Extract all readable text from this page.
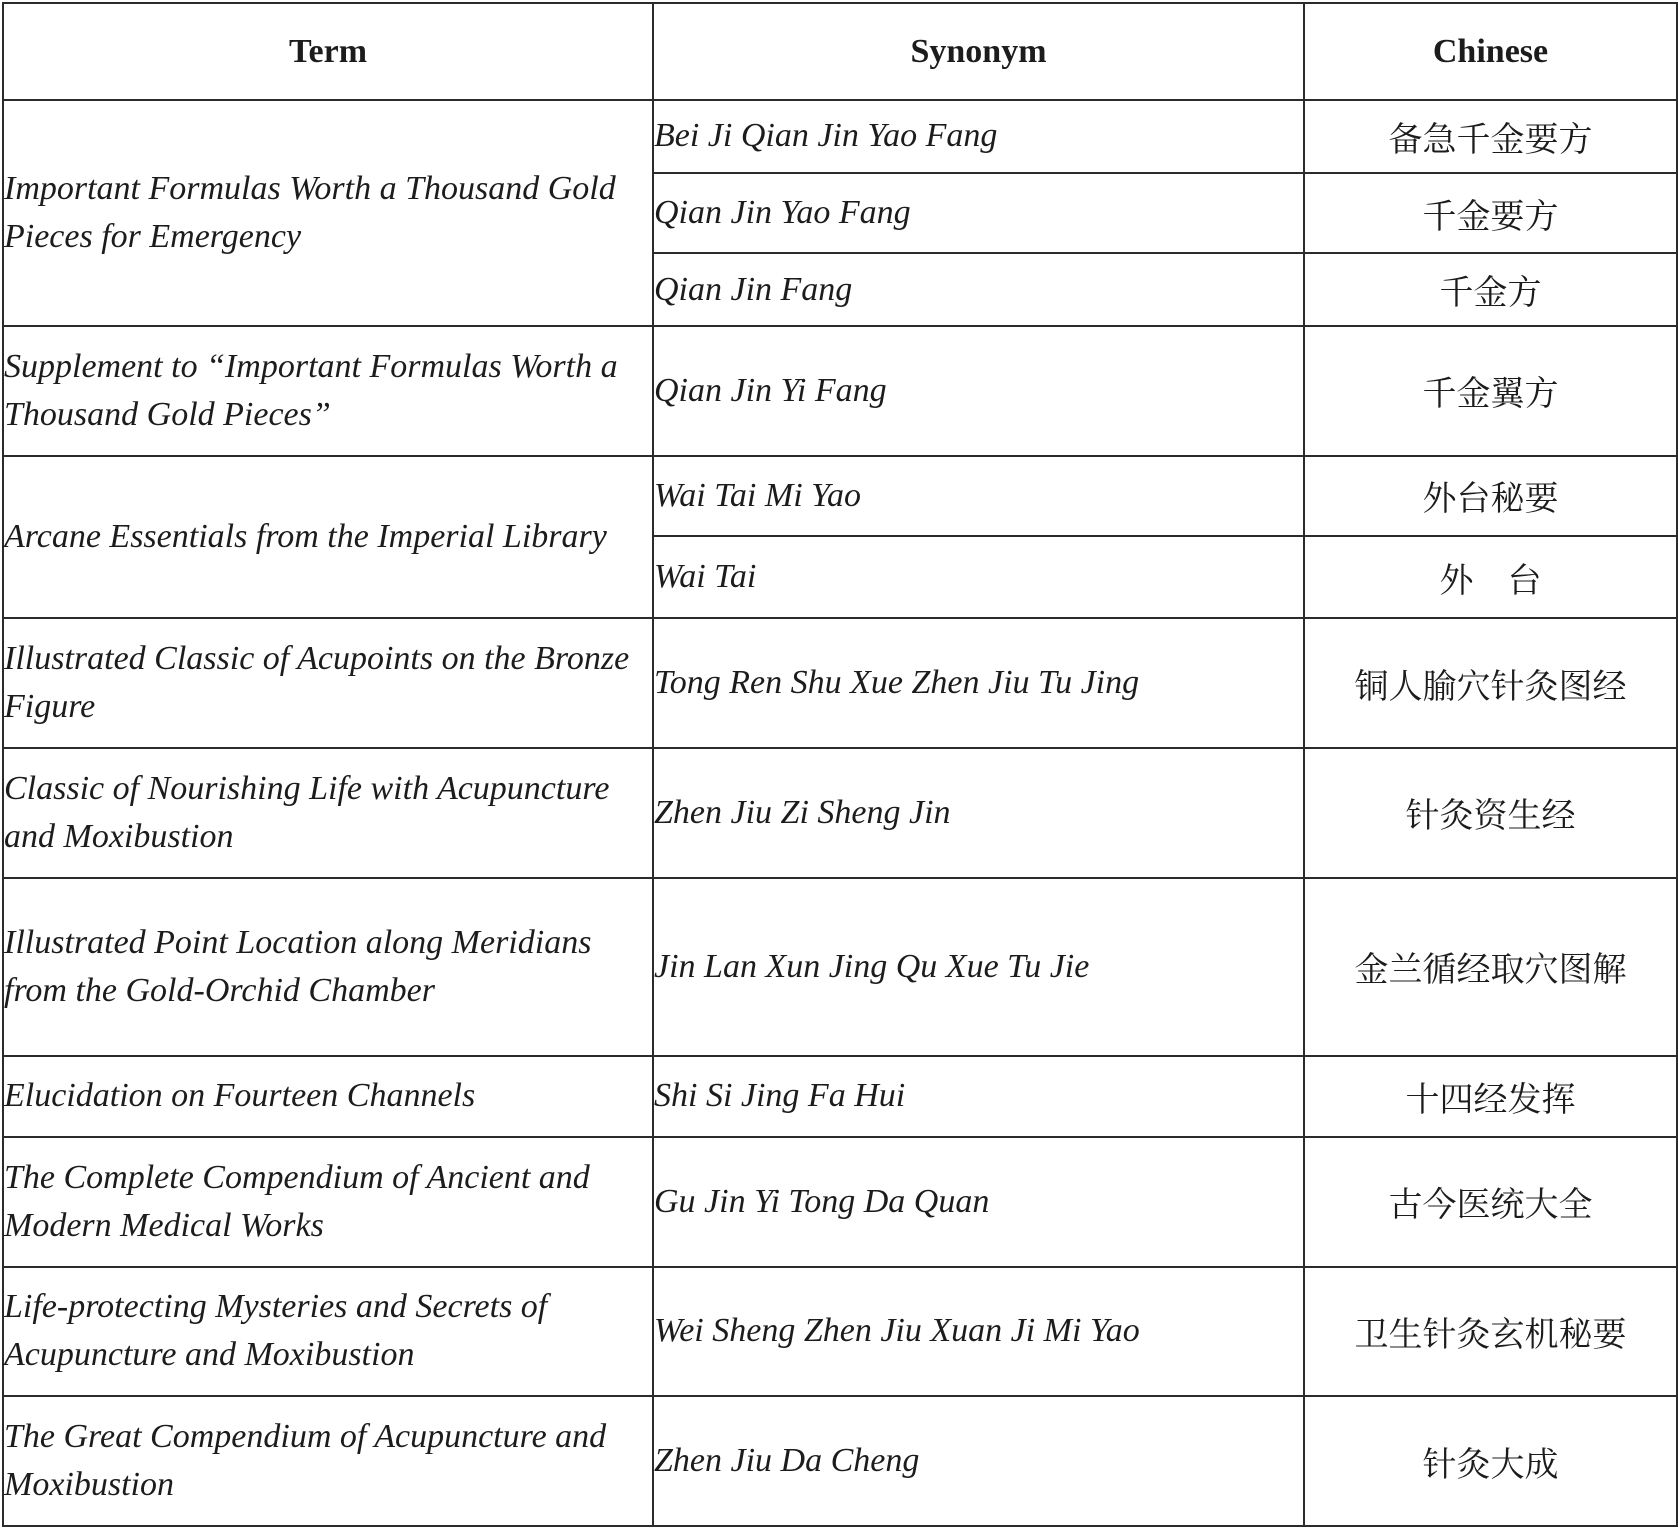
Term	Synonym	Chinese
Important Formulas Worth a Thousand Gold Pieces for Emergency	Bei Ji Qian Jin Yao Fang	备急千金要方
	Qian Jin Yao Fang	千金要方
	Qian Jin Fang	千金方
Supplement to “Important Formulas Worth a Thousand Gold Pieces”	Qian Jin Yi Fang	千金翼方
Arcane Essentials from the Imperial Library	Wai Tai Mi Yao	外台秘要
	Wai Tai	外　台
Illustrated Classic of Acupoints on the Bronze Figure	Tong Ren Shu Xue Zhen Jiu Tu Jing	铜人腧穴针灸图经
Classic of Nourishing Life with Acupuncture and Moxibustion	Zhen Jiu Zi Sheng Jin	针灸资生经
Illustrated Point Location along Meridians from the Gold-Orchid Chamber	Jin Lan Xun Jing Qu Xue Tu Jie	金兰循经取穴图解
Elucidation on Fourteen Channels	Shi Si Jing Fa Hui	十四经发挥
The Complete Compendium of Ancient and Modern Medical Works	Gu Jin Yi Tong Da Quan	古今医统大全
Life-protecting Mysteries and Secrets of Acupuncture and Moxibustion	Wei Sheng Zhen Jiu Xuan Ji Mi Yao	卫生针灸玄机秘要
The Great Compendium of Acupuncture and Moxibustion	Zhen Jiu Da Cheng	针灸大成
